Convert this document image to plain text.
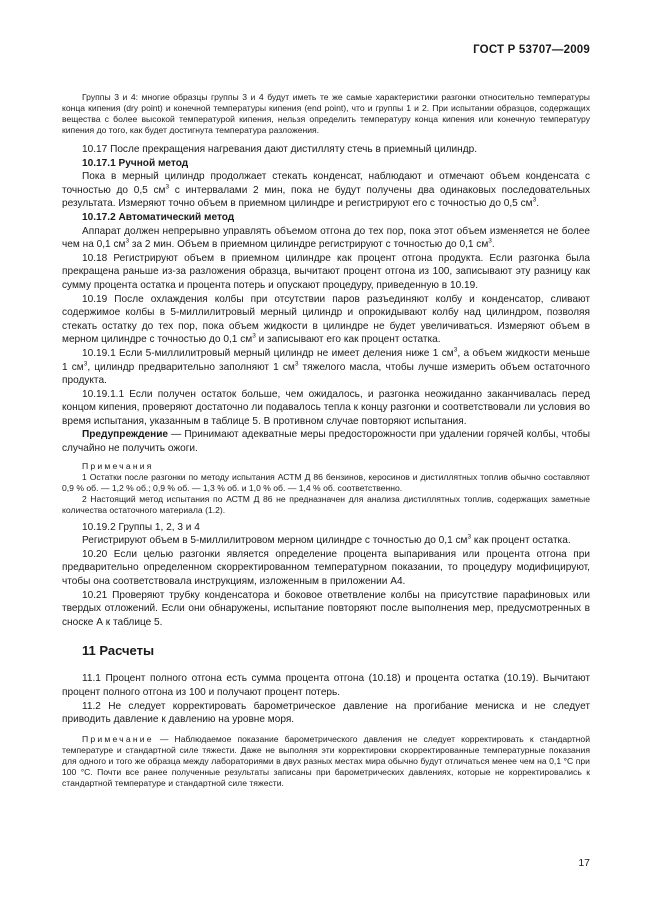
ГОСТ Р 53707—2009

Группы 3 и 4: многие образцы группы 3 и 4 будут иметь те же самые характеристики разгонки относительно температуры конца кипения (dry point) и конечной температуры кипения (end point), что и группы 1 и 2. При испытании образцов, содержащих вещества с более высокой температурой кипения, нельзя определить температуру конца кипения или конечную температуру кипения до того, как будет достигнута температура разложения.

10.17 После прекращения нагревания дают дистилляту стечь в приемный цилиндр.

10.17.1 Ручной метод

Пока в мерный цилиндр продолжает стекать конденсат, наблюдают и отмечают объем конденсата с точностью до 0,5 $см^3$ с интервалами 2 мин, пока не будут получены два одинаковых последовательных результата. Измеряют точно объем в приемном цилиндре и регистрируют его с точностью до 0,5 $см^3$.

10.17.2 Автоматический метод

Аппарат должен непрерывно управлять объемом отгона до тех пор, пока этот объем изменяется не более чем на 0,1 $см^3$ за 2 мин. Объем в приемном цилиндре регистрируют с точностью до 0,1 $см^3$.

10.18 Регистрируют объем в приемном цилиндре как процент отгона продукта. Если разгонка была прекращена раньше из-за разложения образца, вычитают процент отгона из 100, записывают эту разницу как сумму процента остатка и процента потерь и опускают процедуру, приведенную в 10.19.

10.19 После охлаждения колбы при отсутствии паров разъединяют колбу и конденсатор, сливают содержимое колбы в 5-миллилитровый мерный цилиндр и опрокидывают колбу над цилиндром, позволяя стекать остатку до тех пор, пока объем жидкости в цилиндре не будет увеличиваться. Измеряют объем в мерном цилиндре с точностью до 0,1 $см^3$ и записывают его как процент остатка.

10.19.1 Если 5-миллилитровый мерный цилиндр не имеет деления ниже 1 $см^3$, а объем жидкости меньше 1 $см^3$, цилиндр предварительно заполняют 1 $см^3$ тяжелого масла, чтобы лучше измерить объем остаточного продукта.

10.19.1.1 Если получен остаток больше, чем ожидалось, и разгонка неожиданно заканчивалась перед концом кипения, проверяют достаточно ли подавалось тепла к концу разгонки и соответствовали ли условия во время испытания, указанным в таблице 5. В противном случае повторяют испытания.

Предупреждение — Принимают адекватные меры предосторожности при удалении горячей колбы, чтобы случайно не получить ожоги.

Примечания

1 Остатки после разгонки по методу испытания АСТМ Д 86 бензинов, керосинов и дистиллятных топлив обычно составляют 0,9 % об. — 1,2 % об.; 0,9 % об. — 1,3 % об. и 1,0 % об. — 1,4 % об. соответственно.

2 Настоящий метод испытания по АСТМ Д 86 не предназначен для анализа дистиллятных топлив, содержащих заметные количества остаточного материала (1.2).

10.19.2 Группы 1, 2, 3 и 4

Регистрируют объем в 5-миллилитровом мерном цилиндре с точностью до 0,1 $см^3$ как процент остатка.

10.20 Если целью разгонки является определение процента выпаривания или процента отгона при предварительно определенном скорректированном температурном показании, то процедуру модифицируют, чтобы она соответствовала инструкциям, изложенным в приложении А4.

10.21 Проверяют трубку конденсатора и боковое ответвление колбы на присутствие парафиновых или твердых отложений. Если они обнаружены, испытание повторяют после выполнения мер, предусмотренных в сноске А к таблице 5.

11 Расчеты

11.1 Процент полного отгона есть сумма процента отгона (10.18) и процента остатка (10.19). Вычитают процент полного отгона из 100 и получают процент потерь.

11.2 Не следует корректировать барометрическое давление на прогибание мениска и не следует приводить давление к давлению на уровне моря.

Примечание — Наблюдаемое показание барометрического давления не следует корректировать к стандартной температуре и стандартной силе тяжести. Даже не выполняя эти корректировки скорректированные температурные показания для одного и того же образца между лабораториями в двух разных местах мира обычно будут отличаться менее чем на 0,1 °С при 100 °С. Почти все ранее полученные результаты записаны при барометрических давлениях, которые не корректировались к стандартной температуре и стандартной силе тяжести.

17
